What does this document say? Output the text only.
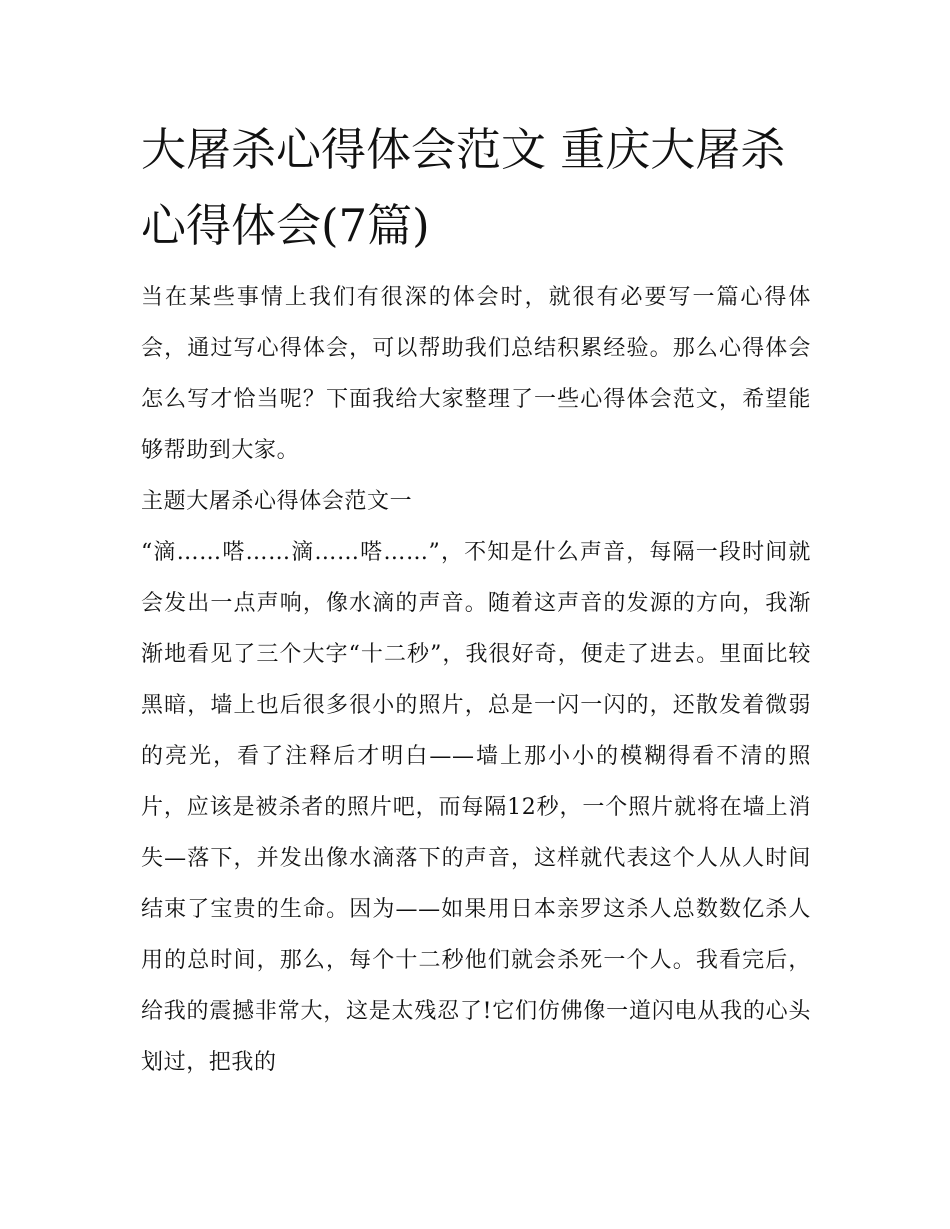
大屠杀心得体会范文 重庆大屠杀心得体会(7篇)

当在某些事情上我们有很深的体会时，就很有必要写一篇心得体会，通过写心得体会，可以帮助我们总结积累经验。那么心得体会怎么写才恰当呢？下面我给大家整理了一些心得体会范文，希望能够帮助到大家。

主题大屠杀心得体会范文一

“滴……嗒……滴……嗒……”，不知是什么声音，每隔一段时间就会发出一点声响，像水滴的声音。随着这声音的发源的方向，我渐渐地看见了三个大字“十二秒”，我很好奇，便走了进去。里面比较黑暗，墙上也后很多很小的照片，总是一闪一闪的，还散发着微弱的亮光，看了注释后才明白——墙上那小小的模糊得看不清的照片，应该是被杀者的照片吧，而每隔12秒，一个照片就将在墙上消失—落下，并发出像水滴落下的声音，这样就代表这个人从人时间结束了宝贵的生命。因为——如果用日本亲罗这杀人总数数亿杀人用的总时间，那么，每个十二秒他们就会杀死一个人。我看完后，给我的震撼非常大，这是太残忍了!它们仿佛像一道闪电从我的心头划过，把我的
